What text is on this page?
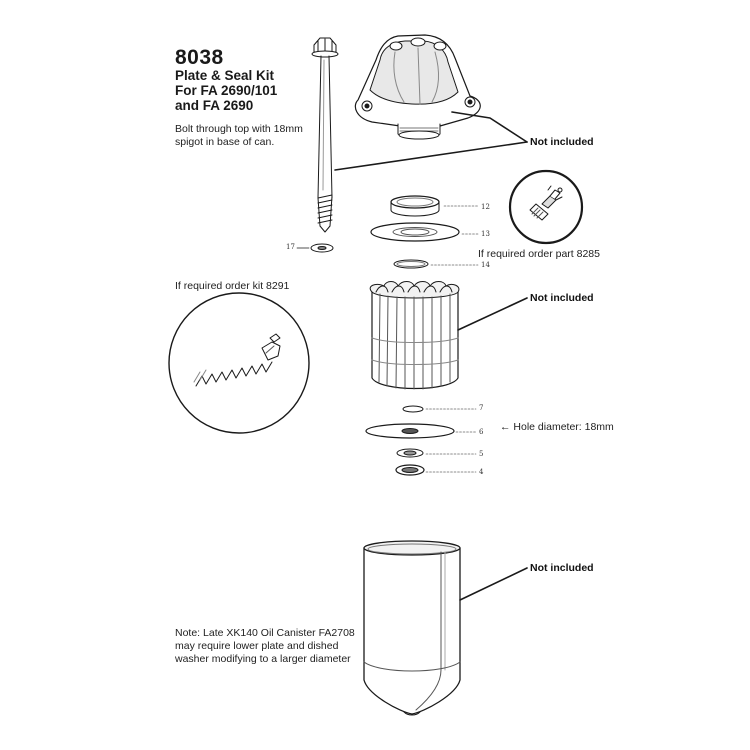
8038
Plate & Seal Kit
For FA 2690/101
and FA 2690
Bolt through top with 18mm
spigot in base of can.	Not included
Not included
Not included
If required order part 8285
If required order kit 8291
← Hole diameter: 18mm
Note: Late XK140 Oil Canister FA2708
may require lower plate and dished
washer modifying to a larger diameter
12
13
14
17
7
6
5
4
